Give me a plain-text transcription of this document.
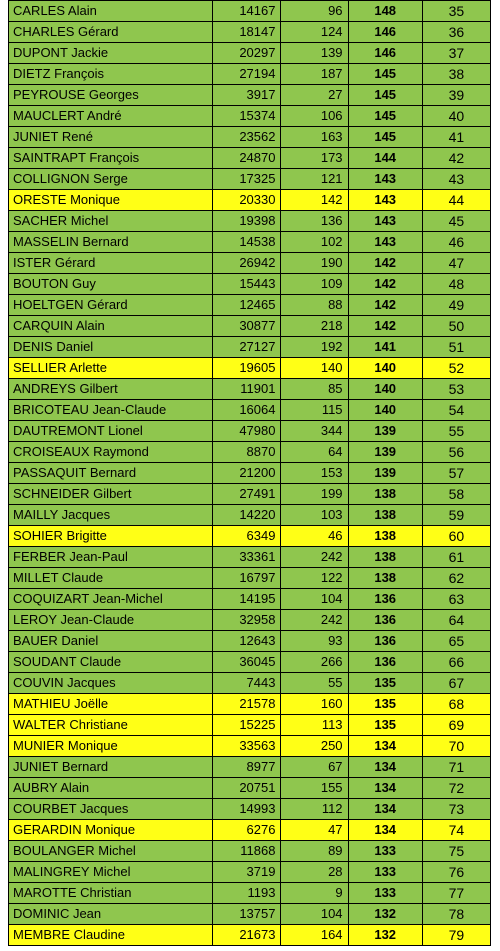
CARLES Alain	14167	96	148	35
CHARLES Gérard	18147	124	146	36
DUPONT Jackie	20297	139	146	37
DIETZ François	27194	187	145	38
PEYROUSE Georges	3917	27	145	39
MAUCLERT André	15374	106	145	40
JUNIET René	23562	163	145	41
SAINTRAPT François	24870	173	144	42
COLLIGNON Serge	17325	121	143	43
ORESTE Monique	20330	142	143	44
SACHER Michel	19398	136	143	45
MASSELIN Bernard	14538	102	143	46
ISTER Gérard	26942	190	142	47
BOUTON Guy	15443	109	142	48
HOELTGEN Gérard	12465	88	142	49
CARQUIN Alain	30877	218	142	50
DENIS Daniel	27127	192	141	51
SELLIER Arlette	19605	140	140	52
ANDREYS Gilbert	11901	85	140	53
BRICOTEAU Jean-Claude	16064	115	140	54
DAUTREMONT Lionel	47980	344	139	55
CROISEAUX Raymond	8870	64	139	56
PASSAQUIT Bernard	21200	153	139	57
SCHNEIDER Gilbert	27491	199	138	58
MAILLY Jacques	14220	103	138	59
SOHIER Brigitte	6349	46	138	60
FERBER Jean-Paul	33361	242	138	61
MILLET Claude	16797	122	138	62
COQUIZART Jean-Michel	14195	104	136	63
LEROY Jean-Claude	32958	242	136	64
BAUER Daniel	12643	93	136	65
SOUDANT Claude	36045	266	136	66
COUVIN Jacques	7443	55	135	67
MATHIEU Joëlle	21578	160	135	68
WALTER Christiane	15225	113	135	69
MUNIER Monique	33563	250	134	70
JUNIET Bernard	8977	67	134	71
AUBRY Alain	20751	155	134	72
COURBET Jacques	14993	112	134	73
GERARDIN Monique	6276	47	134	74
BOULANGER Michel	11868	89	133	75
MALINGREY Michel	3719	28	133	76
MAROTTE Christian	1193	9	133	77
DOMINIC Jean	13757	104	132	78
MEMBRE Claudine	21673	164	132	79
